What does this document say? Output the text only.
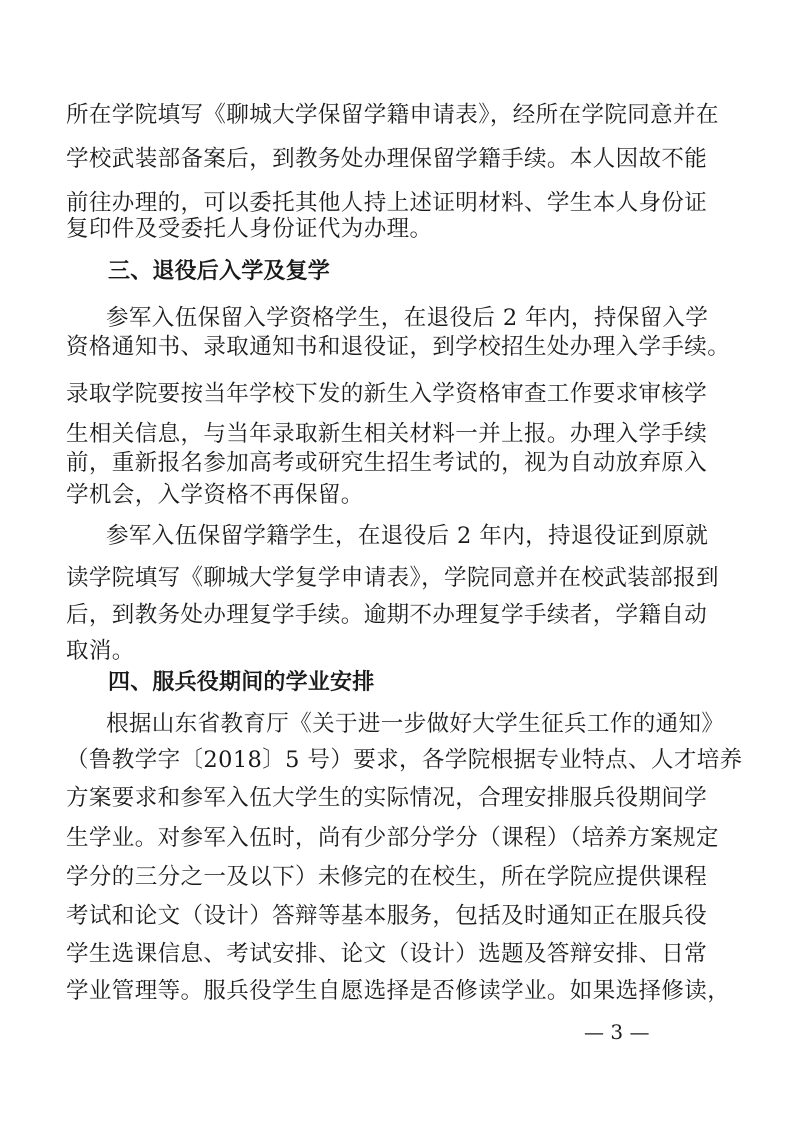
所在学院填写《聊城大学保留学籍申请表》，经所在学院同意并在
学校武装部备案后，到教务处办理保留学籍手续。本人因故不能
前往办理的，可以委托其他人持上述证明材料、学生本人身份证
复印件及受委托人身份证代为办理。
三、退役后入学及复学
参军入伍保留入学资格学生，在退役后 2 年内，持保留入学
资格通知书、录取通知书和退役证，到学校招生处办理入学手续。
录取学院要按当年学校下发的新生入学资格审查工作要求审核学
生相关信息，与当年录取新生相关材料一并上报。办理入学手续
前，重新报名参加高考或研究生招生考试的，视为自动放弃原入
学机会，入学资格不再保留。
参军入伍保留学籍学生，在退役后 2 年内，持退役证到原就
读学院填写《聊城大学复学申请表》，学院同意并在校武装部报到
后，到教务处办理复学手续。逾期不办理复学手续者，学籍自动
取消。
四、服兵役期间的学业安排
根据山东省教育厅《关于进一步做好大学生征兵工作的通知》
（鲁教学字〔2018〕5 号）要求，各学院根据专业特点、人才培养
方案要求和参军入伍大学生的实际情况，合理安排服兵役期间学
生学业。对参军入伍时，尚有少部分学分（课程）（培养方案规定
学分的三分之一及以下）未修完的在校生，所在学院应提供课程
考试和论文（设计）答辩等基本服务，包括及时通知正在服兵役
学生选课信息、考试安排、论文（设计）选题及答辩安排、日常
学业管理等。服兵役学生自愿选择是否修读学业。如果选择修读，
— 3 —
